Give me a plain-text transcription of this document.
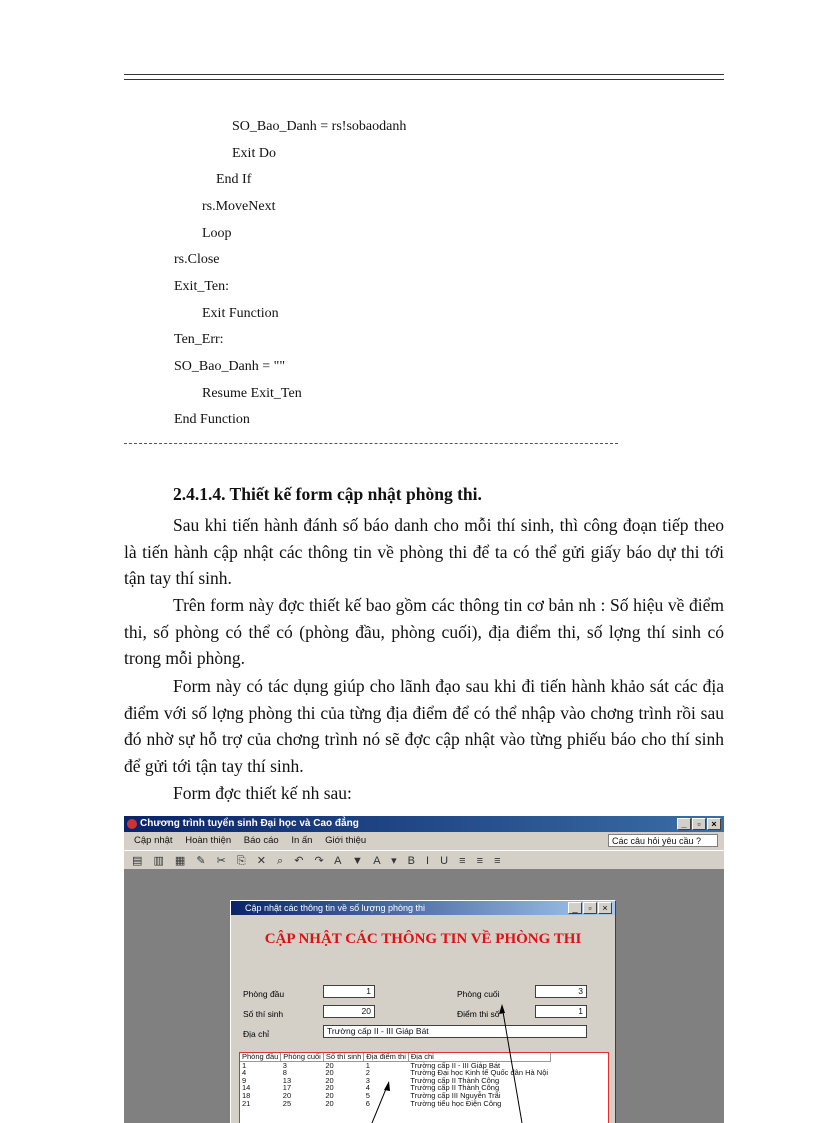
SO_Bao_Danh = rs!sobaodanh
Exit Do
End If
rs.MoveNext
Loop
rs.Close
Exit_Ten:
Exit Function
Ten_Err:
SO_Bao_Danh = ""
Resume Exit_Ten
End Function
2.4.1.4. Thiết kế form cập nhật phòng thi.
Sau khi tiến hành đánh số báo danh cho mỗi thí sinh, thì công đoạn tiếp theo là tiến hành cập nhật các thông tin về phòng thi để ta có thể gửi giấy báo dự thi tới tận tay thí sinh.
Trên form này đợc thiết kế bao gồm các thông tin cơ bản nh : Số hiệu về điểm thi, số phòng có thể có (phòng đầu, phòng cuối), địa điểm thi, số lợng thí sinh có trong mỗi phòng.
Form này có tác dụng giúp cho lãnh đạo sau khi đi tiến hành khảo sát các địa điểm với số lợng phòng thi của từng địa điểm để có thể nhập vào chơng trình rồi sau đó nhờ sự hỗ trợ của chơng trình nó sẽ đợc cập nhật vào từng phiếu báo cho thí sinh để gửi tới tận tay thí sinh.
Form đợc thiết kế nh sau:
Chương trình tuyển sinh Đại học và Cao đẳng	_	▫	×
Cập nhật Hoàn thiện Báo cáo In ấn Giới thiệu	Các câu hỏi yêu cầu ?
▤ ▥ ▦ ✎ ✂ ⎘ ✕ ⌕ ↶ ↷ A ▼ A ▾ B I U ≡ ≡ ≡
Cập nhật các thông tin về số lượng phòng thi	_	▫	×
CẬP NHẬT CÁC THÔNG TIN VỀ PHÒNG THI
Phòng đầu	1	Phòng cuối	3
Số thí sinh	20	Điểm thi số	1
Địa chỉ	Trường cấp II - III Giáp Bát
Phòng đầu	Phòng cuối	Số thí sinh	Địa điểm thi	Địa chỉ
1	3	20	1	Trường cấp II - III Giáp Bát
4	8	20	2	Trường Đại học Kinh tế Quốc dân Hà Nội
9	13	20	3	Trường cấp II Thành Công
14	17	20	4	Trường cấp II Thành Công
18	20	20	5	Trường cấp III Nguyễn Trãi
21	25	20	6	Trường tiểu học Điện Công
